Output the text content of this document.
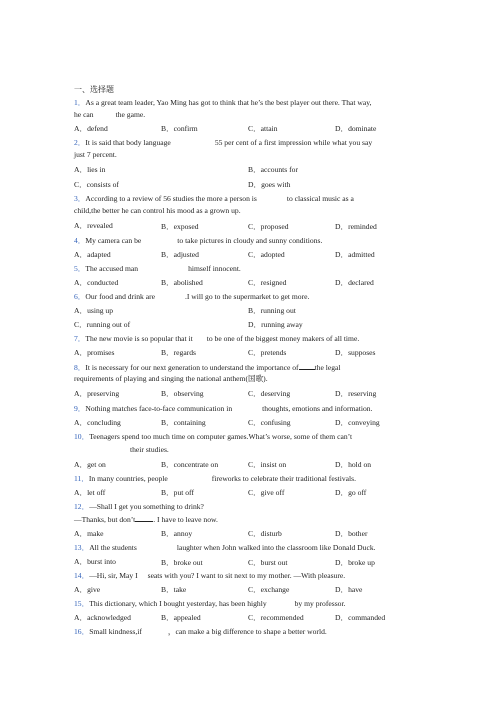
一、选择题
1．As a great team leader, Yao Ming has got to think that he’s the best player out there. That way,
he can	the game.
A．defend	B．confirm	C．attain	D．dominate
2．It is said that body language	55 per cent of a first impression while what you say
just 7 percent.
A．lies in	B．accounts for
C．consists of	D．goes with
3．According to a review of 56 studies the more a person is	to classical music as a
child,the better he can control his mood as a grown up.
A．revealed	B．exposed	C．proposed	D．reminded
4．My camera can be	to take pictures in cloudy and sunny conditions.
A．adapted	B．adjusted	C．adopted	D．admitted
5．The accused man	himself innocent.
A．conducted	B．abolished	C．resigned	D．declared
6．Our food and drink are	.I will go to the supermarket to get more.
A．using up	B．running out
C．running out of	D．running away
7．The new movie is so popular that it to be one of the biggest money makers of all time.
A．promises	B．regards	C．pretends	D．supposes
8．It is necessary for our next generation to understand the importance of the legal
requirements of playing and singing the national anthem(国歌).
A．preserving	B．observing	C．deserving	D．reserving
9．Nothing matches face-to-face communication in	thoughts, emotions and information.
A．concluding	B．containing	C．confusing	D．conveying
10．Teenagers spend too much time on computer games.What’s worse, some of them can’t
their studies.
A．get on	B．concentrate on	C．insist on	D．hold on
11．In many countries, people	fireworks to celebrate their traditional festivals.
A．let off	B．put off	C．give off	D．go off
12．—Shall I get you something to drink?
—Thanks, but don’t . I have to leave now.
A．make	B．annoy	C．disturb	D．bother
13．All the students	laughter when John walked into the classroom like Donald Duck.
A．burst into	B．broke out	C．burst out	D．broke up
14．—Hi, sir, May I seats with you? I want to sit next to my mother. —With pleasure.
A．give	B．take	C．exchange	D．have
15．This dictionary, which I bought yesterday, has been highly	by my professor.
A．acknowledged	B．appealed	C．recommended	D．commanded
16．Small kindness,if	，can make a big difference to shape a better world.
